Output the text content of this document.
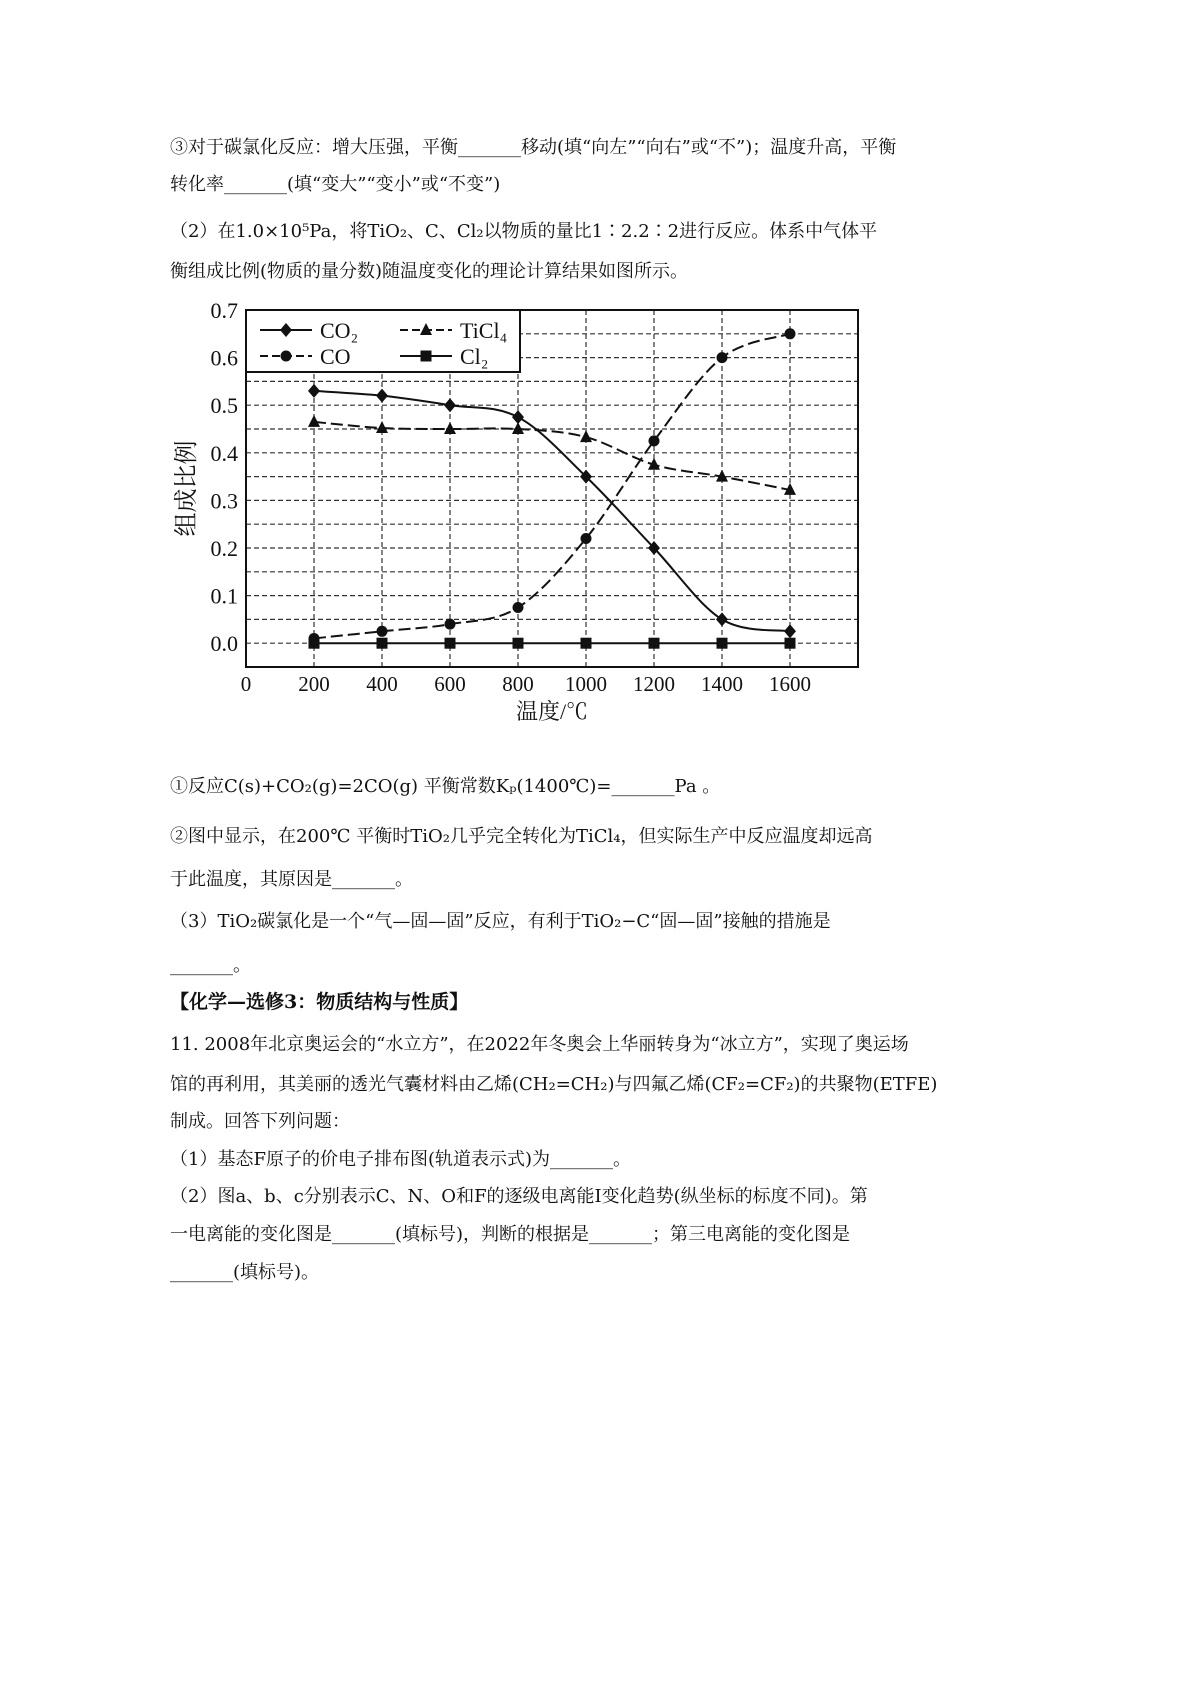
③对于碳氯化反应：增大压强，平衡_______移动(填“向左”“向右”或“不”)；温度升高，平衡
转化率_______(填“变大”“变小”或“不变”)
（2）在1.0×10⁵Pa，将TiO₂、C、Cl₂以物质的量比1∶2.2∶2进行反应。体系中气体平
衡组成比例(物质的量分数)随温度变化的理论计算结果如图所示。
0.0
0.1
0.2
0.3
0.4
0.5
0.6
0.7
0 200 400 600 800 1000 1200 1400 1600
温度/℃
组成比例
CO₂	TiCl₄
CO	Cl₂
①反应C(s)+CO₂(g)=2CO(g) 平衡常数Kₚ(1400℃)=_______Pa 。
②图中显示，在200℃ 平衡时TiO₂几乎完全转化为TiCl₄，但实际生产中反应温度却远高
于此温度，其原因是_______。
（3）TiO₂碳氯化是一个“气—固—固”反应，有利于TiO₂−C“固—固”接触的措施是
_______。
【化学—选修3：物质结构与性质】
11. 2008年北京奥运会的“水立方”，在2022年冬奥会上华丽转身为“冰立方”，实现了奥运场
馆的再利用，其美丽的透光气囊材料由乙烯(CH₂=CH₂)与四氟乙烯(CF₂=CF₂)的共聚物(ETFE)
制成。回答下列问题：
（1）基态F原子的价电子排布图(轨道表示式)为_______。
（2）图a、b、c分别表示C、N、O和F的逐级电离能Ⅰ变化趋势(纵坐标的标度不同)。第
一电离能的变化图是_______(填标号)，判断的根据是_______；第三电离能的变化图是
_______(填标号)。
